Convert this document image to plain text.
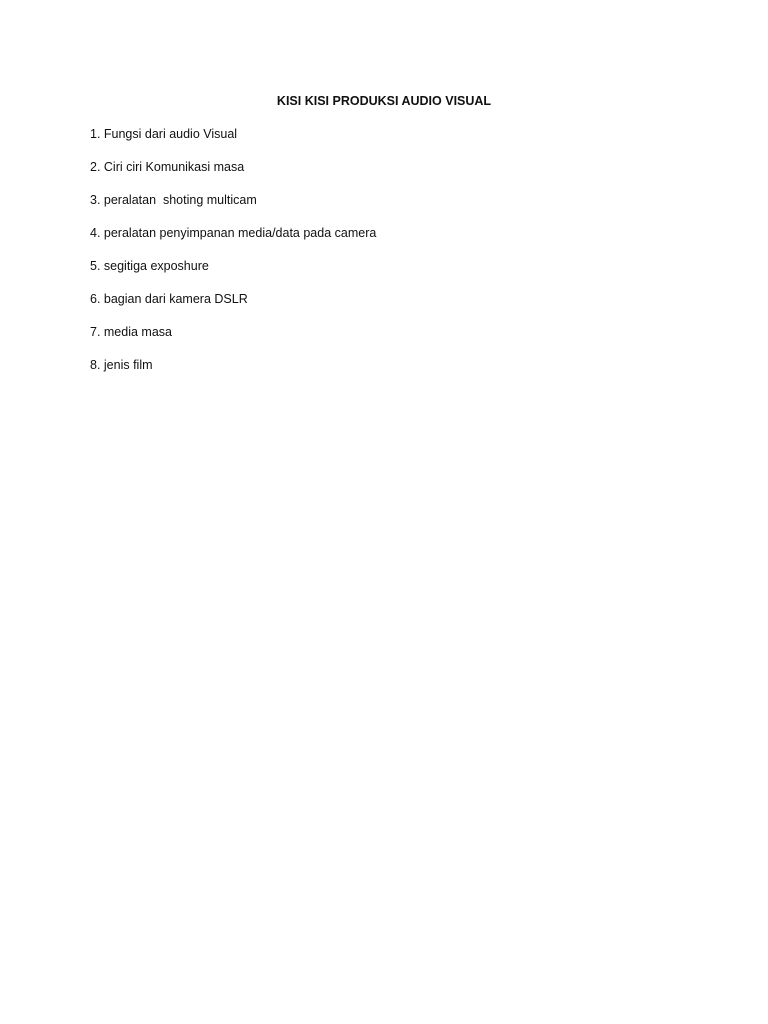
KISI KISI PRODUKSI AUDIO VISUAL
1. Fungsi dari audio Visual
2. Ciri ciri Komunikasi masa
3. peralatan  shoting multicam
4. peralatan penyimpanan media/data pada camera
5. segitiga exposhure
6. bagian dari kamera DSLR
7. media masa
8. jenis film
